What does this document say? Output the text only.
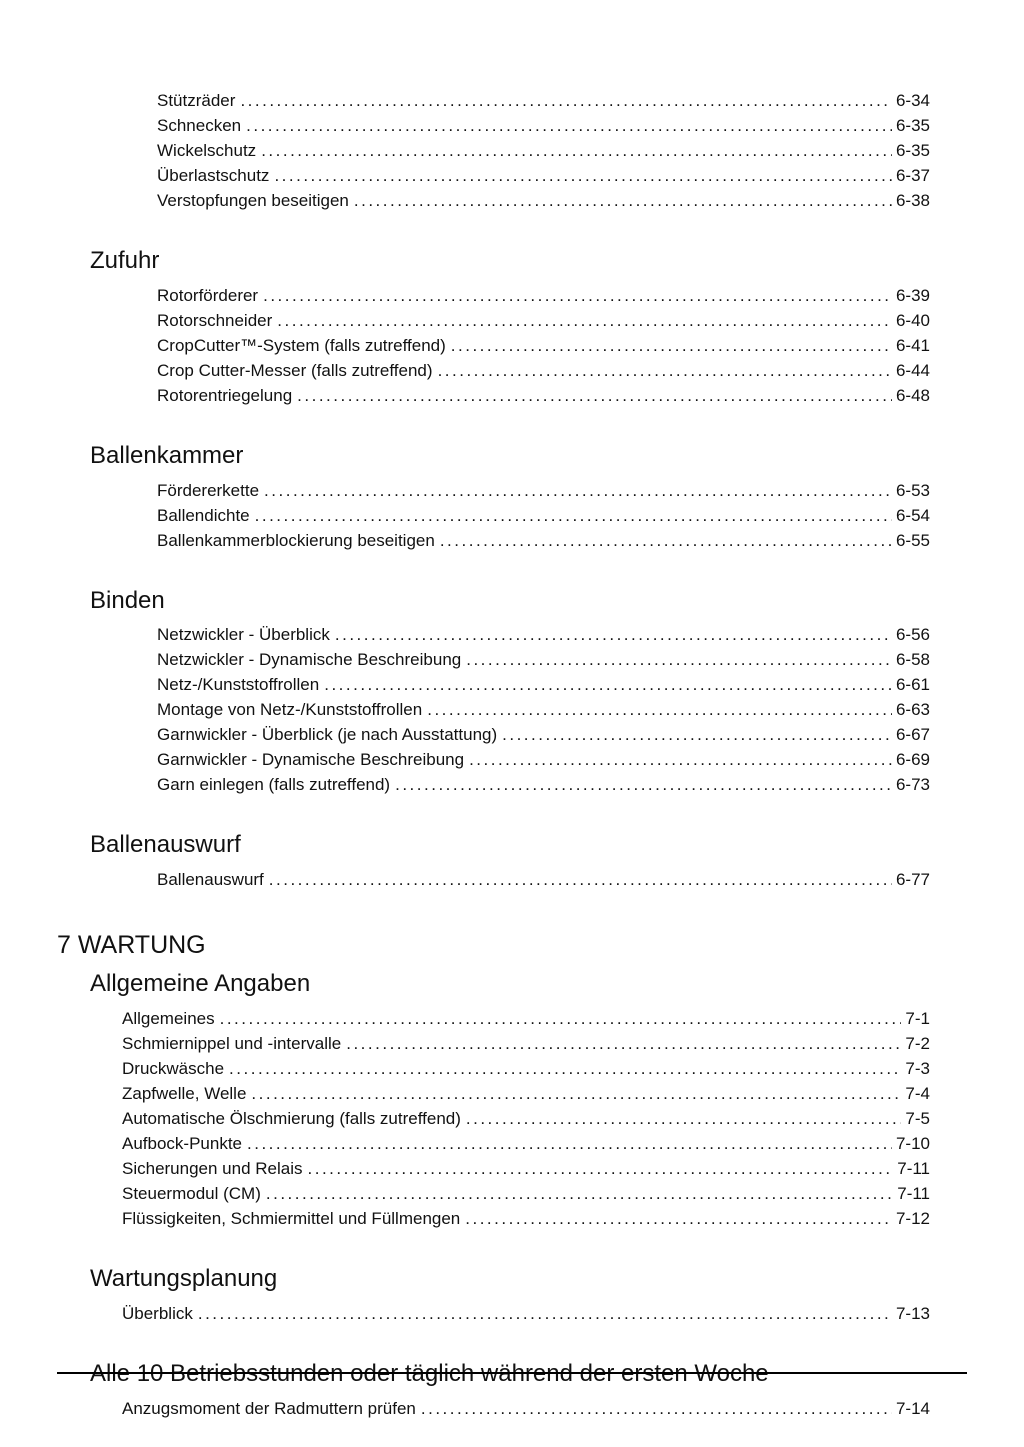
Stützräder .....	6-34
Schnecken .....	6-35
Wickelschutz .....	6-35
Überlastschutz .....	6-37
Verstopfungen beseitigen .....	6-38
Zufuhr
Rotorförderer .....	6-39
Rotorschneider .....	6-40
CropCutter™-System (falls zutreffend) .....	6-41
Crop Cutter-Messer (falls zutreffend) .....	6-44
Rotorentriegelung .....	6-48
Ballenkammer
Fördererkette .....	6-53
Ballendichte .....	6-54
Ballenkammerblockierung beseitigen .....	6-55
Binden
Netzwickler - Überblick .....	6-56
Netzwickler - Dynamische Beschreibung .....	6-58
Netz-/Kunststoffrollen .....	6-61
Montage von Netz-/Kunststoffrollen .....	6-63
Garnwickler - Überblick (je nach Ausstattung) .....	6-67
Garnwickler - Dynamische Beschreibung .....	6-69
Garn einlegen (falls zutreffend) .....	6-73
Ballenauswurf
Ballenauswurf .....	6-77
7 WARTUNG
Allgemeine Angaben
Allgemeines .....	7-1
Schmiernippel und -intervalle .....	7-2
Druckwäsche .....	7-3
Zapfwelle, Welle .....	7-4
Automatische Ölschmierung (falls zutreffend) .....	7-5
Aufbock-Punkte .....	7-10
Sicherungen und Relais .....	7-11
Steuermodul (CM) .....	7-11
Flüssigkeiten, Schmiermittel und Füllmengen .....	7-12
Wartungsplanung
Überblick .....	7-13
Alle 10 Betriebsstunden oder täglich während der ersten Woche
Anzugsmoment der Radmuttern prüfen .....	7-14
